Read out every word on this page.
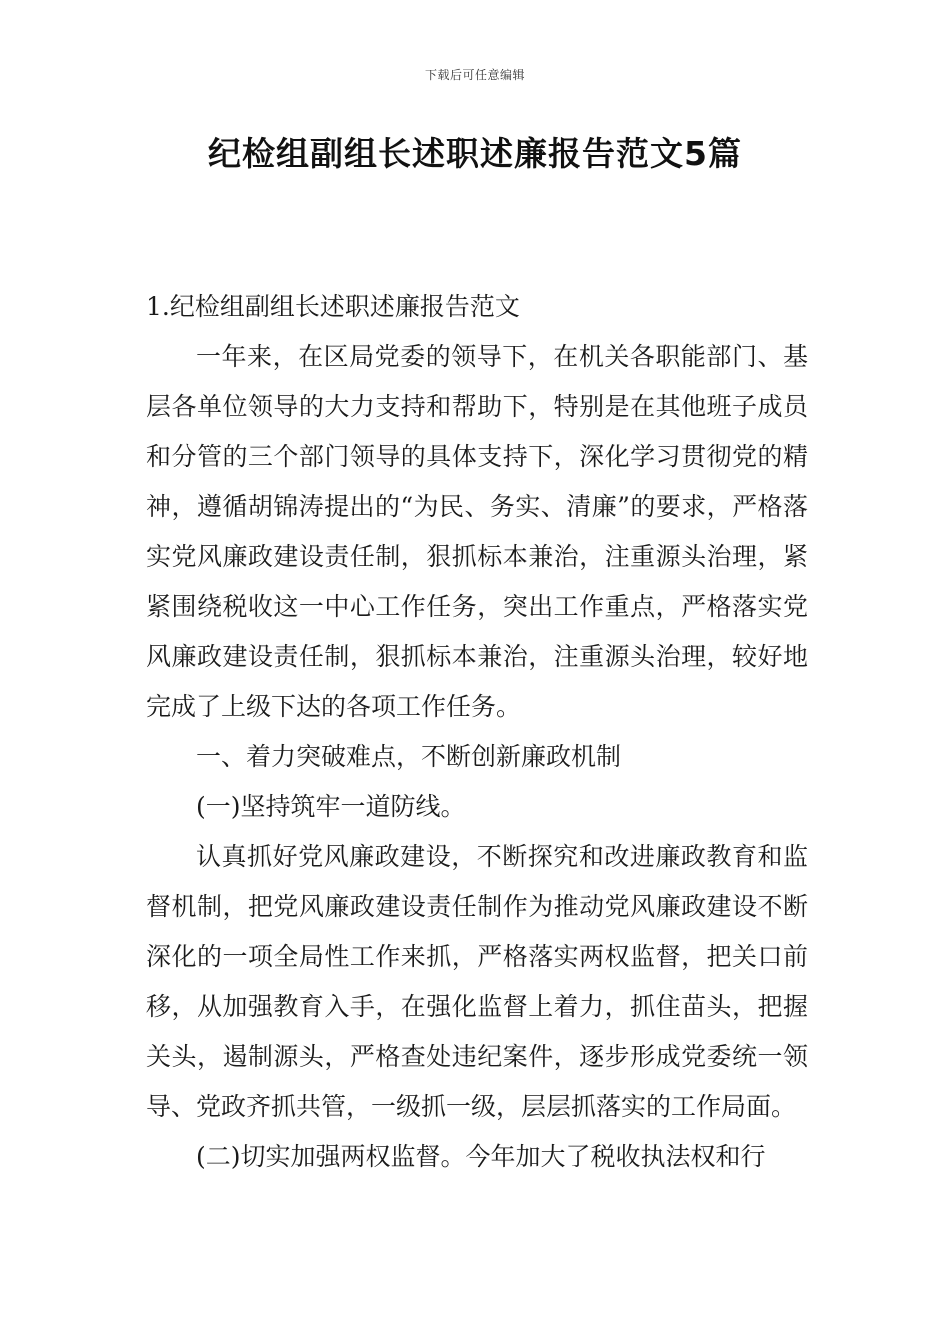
下载后可任意编辑
纪检组副组长述职述廉报告范文5篇

1.纪检组副组长述职述廉报告范文

一年来，在区局党委的领导下，在机关各职能部门、基层各单位领导的大力支持和帮助下，特别是在其他班子成员和分管的三个部门领导的具体支持下，深化学习贯彻党的精神，遵循胡锦涛提出的“为民、务实、清廉”的要求，严格落实党风廉政建设责任制，狠抓标本兼治，注重源头治理，紧紧围绕税收这一中心工作任务，突出工作重点，严格落实党风廉政建设责任制，狠抓标本兼治，注重源头治理，较好地完成了上级下达的各项工作任务。

一、着力突破难点，不断创新廉政机制

(一)坚持筑牢一道防线。

认真抓好党风廉政建设，不断探究和改进廉政教育和监督机制，把党风廉政建设责任制作为推动党风廉政建设不断深化的一项全局性工作来抓，严格落实两权监督，把关口前移，从加强教育入手，在强化监督上着力，抓住苗头，把握关头，遏制源头，严格查处违纪案件，逐步形成党委统一领导、党政齐抓共管，一级抓一级，层层抓落实的工作局面。

(二)切实加强两权监督。今年加大了税收执法权和行
